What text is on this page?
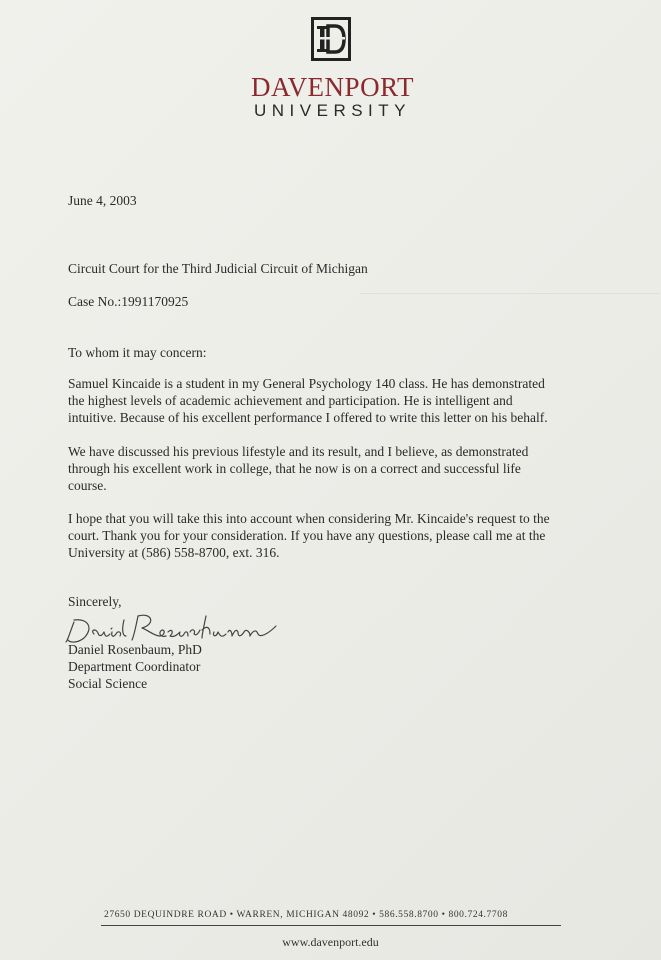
DAVENPORT
UNIVERSITY
June 4, 2003
Circuit Court for the Third Judicial Circuit of Michigan
Case No.:1991170925
To whom it may concern:
Samuel Kincaide is a student in my General Psychology 140 class. He has demonstrated
the highest levels of academic achievement and participation. He is intelligent and
intuitive. Because of his excellent performance I offered to write this letter on his behalf.
We have discussed his previous lifestyle and its result, and I believe, as demonstrated
through his excellent work in college, that he now is on a correct and successful life
course.
I hope that you will take this into account when considering Mr. Kincaide's request to the
court. Thank you for your consideration. If you have any questions, please call me at the
University at (586) 558-8700, ext. 316.
Sincerely,
Daniel Rosenbaum, PhD
Department Coordinator
Social Science
27650 DEQUINDRE ROAD • WARREN, MICHIGAN 48092 • 586.558.8700 • 800.724.7708
www.davenport.edu
